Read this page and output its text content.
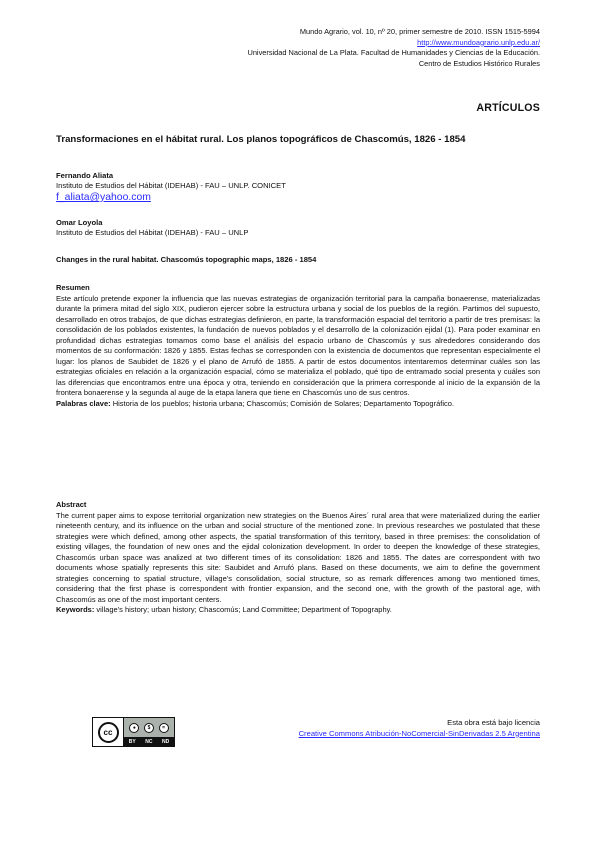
Mundo Agrario, vol. 10, nº 20, primer semestre de 2010. ISSN 1515-5994
http://www.mundoagrario.unlp.edu.ar/
Universidad Nacional de La Plata. Facultad de Humanidades y Ciencias de la Educación.
Centro de Estudios Histórico Rurales
ARTÍCULOS
Transformaciones en el hábitat rural. Los planos topográficos de Chascomús, 1826 - 1854
Fernando Aliata
Instituto de Estudios del Hábitat (IDEHAB) - FAU – UNLP. CONICET
f_aliata@yahoo.com
Omar Loyola
Instituto de Estudios del Hábitat (IDEHAB) - FAU – UNLP
Changes in the rural habitat. Chascomús topographic maps, 1826 - 1854
Resumen

Este artículo pretende exponer la influencia que las nuevas estrategias de organización territorial para la campaña bonaerense, materializadas durante la primera mitad del siglo XIX, pudieron ejercer sobre la estructura urbana y social de los pueblos de la región. Partimos del supuesto, desarrollado en otros trabajos, de que dichas estrategias definieron, en parte, la transformación espacial del territorio a partir de tres premisas: la consolidación de los poblados existentes, la fundación de nuevos poblados y el desarrollo de la colonización ejidal (1). Para poder examinar en profundidad dichas estrategias tomamos como base el análisis del espacio urbano de Chascomús y sus alrededores considerando dos momentos de su conformación: 1826 y 1855. Estas fechas se corresponden con la existencia de documentos que representan especialmente el lugar: los planos de Saubidet de 1826 y el plano de Arrufó de 1855. A partir de estos documentos intentaremos determinar cuáles son las estrategias oficiales en relación a la organización espacial, cómo se materializa el poblado, qué tipo de entramado social presenta y cuáles son las diferencias que encontramos entre una época y otra, teniendo en consideración que la primera corresponde al inicio de la expansión de la frontera bonaerense y la segunda al auge de la etapa lanera que tiene en Chascomús uno de sus centros.

Palabras clave: Historia de los pueblos; historia urbana; Chascomús; Comisión de Solares; Departamento Topográfico.

Abstract

The current paper aims to expose territorial organization new strategies on the Buenos Aires´ rural area that were materialized during the earlier nineteenth century, and its influence on the urban and social structure of the mentioned zone. In previous researches we postulated that these strategies were which defined, among other aspects, the spatial transformation of this territory, based in three premises: the consolidation of existing villages, the foundation of new ones and the ejidal colonization development. In order to deepen the knowledge of these strategies, Chascomús urban space was analized at two different times of its consolidation: 1826 and 1855. The dates are correspondent with two documents whose spatially represents this site: Saubidet and Arrufó plans. Based on these documents, we aim to define the government strategies concerning to spatial structure, village's consolidation, social structure, so as remark differences among two mentioned times, considering that the first phase is correspondent with frontier expansion, and the second one, with the growth of the pastoral age, with Chascomús as one of the most important centers.

Keywords: village's history; urban history; Chascomús; Land Committee; Department of Topography.

cc	●	$	=
BY NC ND
Esta obra está bajo licencia
Creative Commons Atribución-NoComercial-SinDerivadas 2.5 Argentina
